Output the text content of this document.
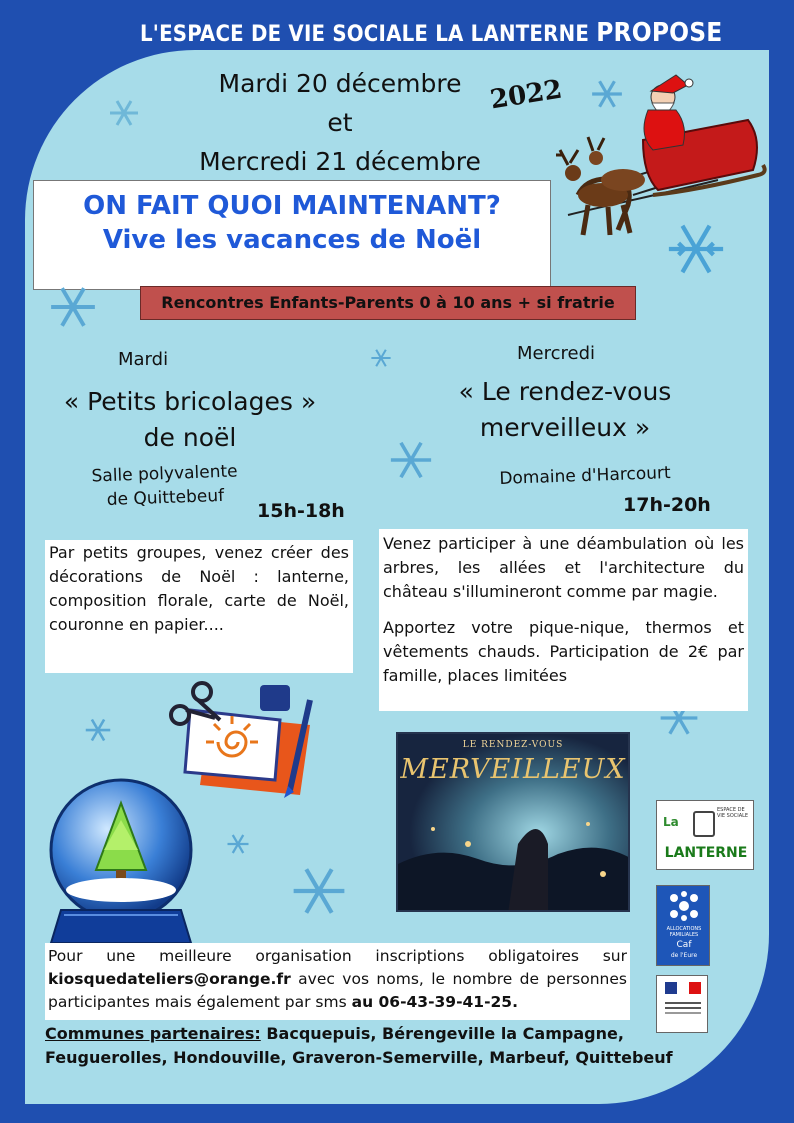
L'ESPACE DE VIE SOCIALE LA LANTERNE PROPOSE
Mardi 20 décembre
et
Mercredi 21 décembre
2022
ON FAIT QUOI MAINTENANT?
Vive les vacances de Noël
Rencontres Enfants-Parents 0 à 10 ans + si fratrie
Mardi
« Petits bricolages »
de noël
Salle polyvalente
de Quittebeuf
15h-18h

Par petits groupes, venez créer des décorations de Noël : lanterne, composition florale, carte de Noël, couronne en papier....

Mercredi
« Le rendez-vous
merveilleux »
Domaine d'Harcourt
17h-20h

Venez participer à une déambulation où les arbres, les allées et l'architecture du château s'illumineront comme par magie.

Apportez votre pique-nique, thermos et vêtements chauds. Participation de 2€ par famille, places limitées

LE RENDEZ-VOUS
MERVEILLEUX
La
ESPACE DE VIE SOCIALE
LANTERNE
ALLOCATIONS FAMILIALES
Caf
de l'Eure
Pour une meilleure organisation inscriptions obligatoires sur kiosquedateliers@orange.fr avec vos noms, le nombre de personnes participantes mais également par sms au 06-43-39-41-25.
Communes partenaires: Bacquepuis, Bérengeville la Campagne, Feuguerolles, Hondouville, Graveron-Semerville, Marbeuf, Quittebeuf
